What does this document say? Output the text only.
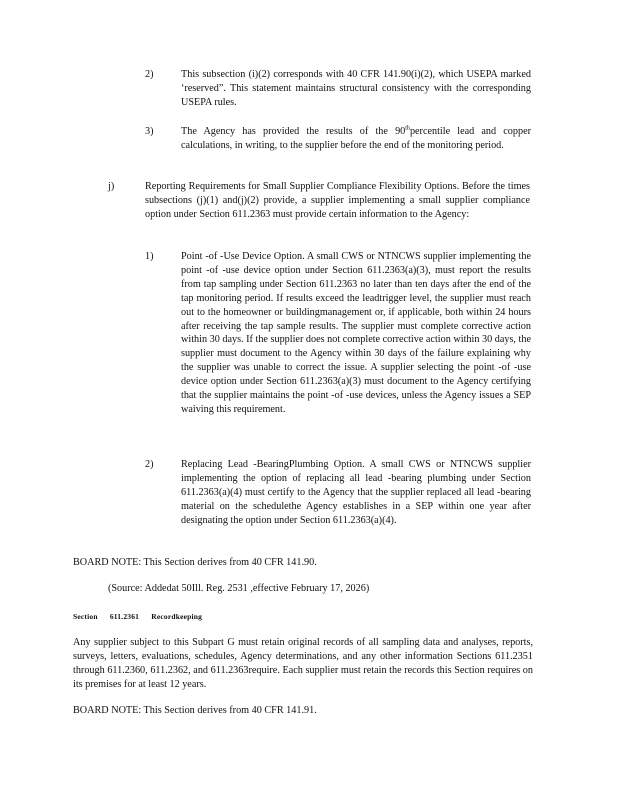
2)	This subsection (i)(2) corresponds with 40 CFR 141.90(i)(2), which USEPA marked ‘reserved”. This statement maintains structural consistency with the corresponding USEPA rules.
3)	The Agency has provided the results of the 90thpercentile lead and copper calculations, in writing, to the supplier before the end of the monitoring period.
j)	Reporting Requirements for Small Supplier Compliance Flexibility Options. Before the times subsections (j)(1) and(j)(2) provide, a supplier implementing a small supplier compliance option under Section 611.2363 must provide certain information to the Agency:
1)	Point -of -Use Device Option. A small CWS or NTNCWS supplier implementing the point -of -use device option under Section 611.2363(a)(3), must report the results from tap sampling under Section 611.2363 no later than ten days after the end of the tap monitoring period. If results exceed the leadtrigger level, the supplier must reach out to the homeowner or buildingmanagement or, if applicable, both within 24 hours after receiving the tap sample results. The supplier must complete corrective action within 30 days. If the supplier does not complete corrective action within 30 days, the supplier must document to the Agency within 30 days of the failure explaining why the supplier was unable to correct the issue. A supplier selecting the point -of -use device option under Section 611.2363(a)(3) must document to the Agency certifying that the supplier maintains the point -of -use devices, unless the Agency issues a SEP waiving this requirement.
2)	Replacing Lead -BearingPlumbing Option. A small CWS or NTNCWS supplier implementing the option of replacing all lead -bearing plumbing under Section 611.2363(a)(4) must certify to the Agency that the supplier replaced all lead -bearing material on the schedulethe Agency establishes in a SEP within one year after designating the option under Section 611.2363(a)(4).
BOARD NOTE: This Section derives from 40 CFR 141.90.
(Source: Addedat 50Ill. Reg. 2531 ,effective February 17, 2026)
Section 611.2361 Recordkeeping
Any supplier subject to this Subpart G must retain original records of all sampling data and analyses, reports, surveys, letters, evaluations, schedules, Agency determinations, and any other information Sections 611.2351 through 611.2360, 611.2362, and 611.2363require. Each supplier must retain the records this Section requires on its premises for at least 12 years.
BOARD NOTE: This Section derives from 40 CFR 141.91.
